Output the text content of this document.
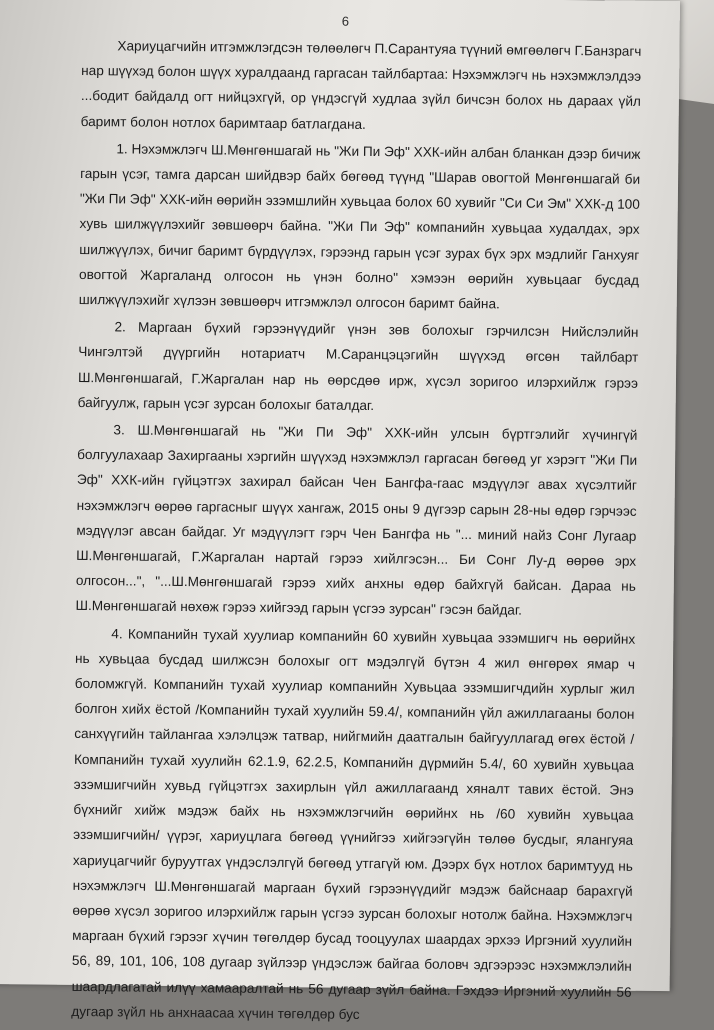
6

Хариуцагчийн итгэмжлэгдсэн төлөөлөгч П.Сарантуяа түүний өмгөөлөгч Г.Банзрагч нар шүүхэд болон шүүх хуралдаанд гаргасан тайлбартаа: Нэхэмжлэгч нь нэхэмжлэлдээ ...бодит байдалд огт нийцэхгүй, ор үндэсгүй худлаа зүйл бичсэн болох нь дараах үйл баримт болон нотлох баримтаар батлагдана.

1. Нэхэмжлэгч Ш.Мөнгөншагай нь "Жи Пи Эф" ХХК-ийн албан бланкан дээр бичиж гарын үсэг, тамга дарсан шийдвэр байх бөгөөд түүнд "Шарав овогтой Мөнгөншагай би "Жи Пи Эф" ХХК-ийн өөрийн эзэмшлийн хувьцаа болох 60 хувийг "Си Си Эм" ХХК-д 100 хувь шилжүүлэхийг зөвшөөрч байна. "Жи Пи Эф" компанийн хувьцаа худалдах, эрх шилжүүлэх, бичиг баримт бүрдүүлэх, гэрээнд гарын үсэг зурах бүх эрх мэдлийг Ганхуяг овогтой Жаргаланд олгосон нь үнэн болно" хэмээн өөрийн хувьцааг бусдад шилжүүлэхийг хүлээн зөвшөөрч итгэмжлэл олгосон баримт байна.

2. Маргаан бүхий гэрээнүүдийг үнэн зөв болохыг гэрчилсэн Нийслэлийн Чингэлтэй дүүргийн нотариатч М.Саранцэцэгийн шүүхэд өгсөн тайлбарт Ш.Мөнгөншагай, Г.Жаргалан нар нь өөрсдөө ирж, хүсэл зоригоо илэрхийлж гэрээ байгуулж, гарын үсэг зурсан болохыг баталдаг.

3. Ш.Мөнгөншагай нь "Жи Пи Эф" ХХК-ийн улсын бүртгэлийг хүчингүй болгуулахаар Захиргааны хэргийн шүүхэд нэхэмжлэл гаргасан бөгөөд уг хэрэгт "Жи Пи Эф" ХХК-ийн гүйцэтгэх захирал байсан Чен Бангфа-гаас мэдүүлэг авах хүсэлтийг нэхэмжлэгч өөрөө гаргасныг шүүх хангаж, 2015 оны 9 дүгээр сарын 28-ны өдөр гэрчээс мэдүүлэг авсан байдаг. Уг мэдүүлэгт гэрч Чен Бангфа нь "... миний найз Сонг Лугаар Ш.Мөнгөншагай, Г.Жаргалан нартай гэрээ хийлгэсэн... Би Сонг Лу-д өөрөө эрх олгосон...", "...Ш.Мөнгөншагай гэрээ хийх анхны өдөр байхгүй байсан. Дараа нь Ш.Мөнгөншагай нөхөж гэрээ хийгээд гарын үсгээ зурсан" гэсэн байдаг.

4. Компанийн тухай хуулиар компанийн 60 хувийн хувьцаа эзэмшигч нь өөрийнх нь хувьцаа бусдад шилжсэн болохыг огт мэдэлгүй бүтэн 4 жил өнгөрөх ямар ч боломжгүй. Компанийн тухай хуулиар компанийн Хувьцаа эзэмшигчдийн хурлыг жил болгон хийх ёстой /Компанийн тухай хуулийн 59.4/, компанийн үйл ажиллагааны болон санхүүгийн тайлангаа хэлэлцэж татвар, нийгмийн даатгалын байгууллагад өгөх ёстой /Компанийн тухай хуулийн 62.1.9, 62.2.5, Компанийн дүрмийн 5.4/, 60 хувийн хувьцаа эзэмшигчийн хувьд гүйцэтгэх захирлын үйл ажиллагаанд хяналт тавих ёстой. Энэ бүхнийг хийж мэдэж байх нь нэхэмжлэгчийн өөрийнх нь /60 хувийн хувьцаа эзэмшигчийн/ үүрэг, хариуцлага бөгөөд үүнийгээ хийгээгүйн төлөө бусдыг, ялангуяа хариуцагчийг буруутгах үндэслэлгүй бөгөөд утгагүй юм. Дээрх бүх нотлох баримтууд нь нэхэмжлэгч Ш.Мөнгөншагай маргаан бүхий гэрээнүүдийг мэдэж байснаар барахгүй өөрөө хүсэл зоригоо илэрхийлж гарын үсгээ зурсан болохыг нотолж байна. Нэхэмжлэгч маргаан бүхий гэрээг хүчин төгөлдөр бусад тооцуулах шаардах эрхээ Иргэний хуулийн 56, 89, 101, 106, 108 дугаар зүйлээр үндэслэж байгаа боловч эдгээрээс нэхэмжлэлийн шаардлагатай илүү хамааралтай нь 56 дугаар зүйл байна. Гэхдээ Иргэний хуулийн 56 дугаар зүйл нь анхнаасаа хүчин төгөлдөр бус
